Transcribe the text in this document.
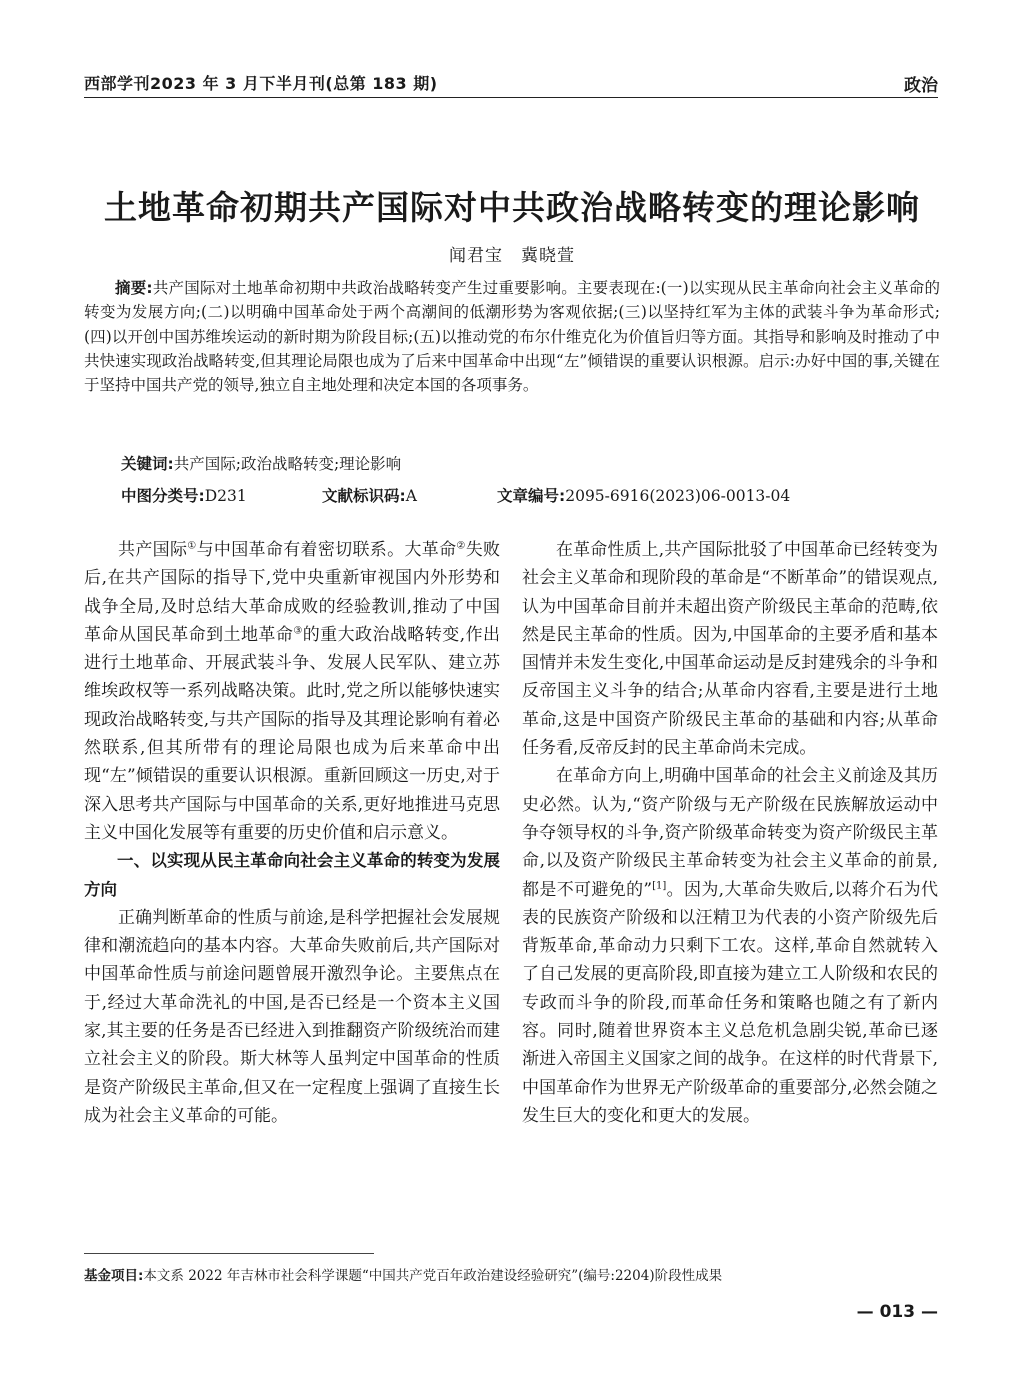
西部学刊2023 年 3 月下半月刊(总第 183 期)	政治
土地革命初期共产国际对中共政治战略转变的理论影响
闻君宝　冀晓萱

摘要:共产国际对土地革命初期中共政治战略转变产生过重要影响。主要表现在:(一)以实现从民主革命向社会主义革命的转变为发展方向;(二)以明确中国革命处于两个高潮间的低潮形势为客观依据;(三)以坚持红军为主体的武装斗争为革命形式;(四)以开创中国苏维埃运动的新时期为阶段目标;(五)以推动党的布尔什维克化为价值旨归等方面。其指导和影响及时推动了中共快速实现政治战略转变,但其理论局限也成为了后来中国革命中出现“左”倾错误的重要认识根源。启示:办好中国的事,关键在于坚持中国共产党的领导,独立自主地处理和决定本国的各项事务。

关键词:共产国际;政治战略转变;理论影响

中图分类号:D231	文献标识码:A	文章编号:2095-6916(2023)06-0013-04

共产国际①与中国革命有着密切联系。大革命②失败后,在共产国际的指导下,党中央重新审视国内外形势和战争全局,及时总结大革命成败的经验教训,推动了中国革命从国民革命到土地革命③的重大政治战略转变,作出进行土地革命、开展武装斗争、发展人民军队、建立苏维埃政权等一系列战略决策。此时,党之所以能够快速实现政治战略转变,与共产国际的指导及其理论影响有着必然联系,但其所带有的理论局限也成为后来革命中出现“左”倾错误的重要认识根源。重新回顾这一历史,对于深入思考共产国际与中国革命的关系,更好地推进马克思主义中国化发展等有重要的历史价值和启示意义。

一、以实现从民主革命向社会主义革命的转变为发展方向

正确判断革命的性质与前途,是科学把握社会发展规律和潮流趋向的基本内容。大革命失败前后,共产国际对中国革命性质与前途问题曾展开激烈争论。主要焦点在于,经过大革命洗礼的中国,是否已经是一个资本主义国家,其主要的任务是否已经进入到推翻资产阶级统治而建立社会主义的阶段。斯大林等人虽判定中国革命的性质是资产阶级民主革命,但又在一定程度上强调了直接生长成为社会主义革命的可能。

在革命性质上,共产国际批驳了中国革命已经转变为社会主义革命和现阶段的革命是“不断革命”的错误观点,认为中国革命目前并未超出资产阶级民主革命的范畴,依然是民主革命的性质。因为,中国革命的主要矛盾和基本国情并未发生变化,中国革命运动是反封建残余的斗争和反帝国主义斗争的结合;从革命内容看,主要是进行土地革命,这是中国资产阶级民主革命的基础和内容;从革命任务看,反帝反封的民主革命尚未完成。

在革命方向上,明确中国革命的社会主义前途及其历史必然。认为,“资产阶级与无产阶级在民族解放运动中争夺领导权的斗争,资产阶级革命转变为资产阶级民主革命,以及资产阶级民主革命转变为社会主义革命的前景,都是不可避免的”[1]。因为,大革命失败后,以蒋介石为代表的民族资产阶级和以汪精卫为代表的小资产阶级先后背叛革命,革命动力只剩下工农。这样,革命自然就转入了自己发展的更高阶段,即直接为建立工人阶级和农民的专政而斗争的阶段,而革命任务和策略也随之有了新内容。同时,随着世界资本主义总危机急剧尖锐,革命已逐渐进入帝国主义国家之间的战争。在这样的时代背景下,中国革命作为世界无产阶级革命的重要部分,必然会随之发生巨大的变化和更大的发展。

基金项目:本文系 2022 年吉林市社会科学课题“中国共产党百年政治建设经验研究”(编号:2204)阶段性成果
— 013 —
